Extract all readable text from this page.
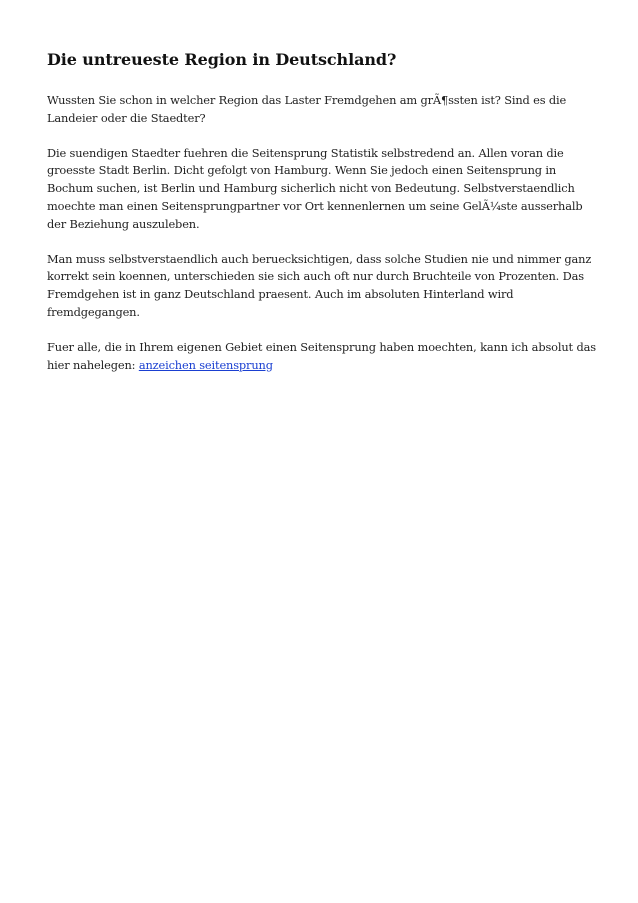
Die untreueste Region in Deutschland?

Wussten Sie schon in welcher Region das Laster Fremdgehen am grÃ¶ssten ist? Sind es die Landeier oder die Staedter?

Die suendigen Staedter fuehren die Seitensprung Statistik selbstredend an. Allen voran die groesste Stadt Berlin. Dicht gefolgt von Hamburg. Wenn Sie jedoch einen Seitensprung in Bochum suchen, ist Berlin und Hamburg sicherlich nicht von Bedeutung. Selbstverstaendlich moechte man einen Seitensprungpartner vor Ort kennenlernen um seine GelÃ¼ste ausserhalb der Beziehung auszuleben.

Man muss selbstverstaendlich auch beruecksichtigen, dass solche Studien nie und nimmer ganz korrekt sein koennen, unterschieden sie sich auch oft nur durch Bruchteile von Prozenten. Das Fremdgehen ist in ganz Deutschland praesent. Auch im absoluten Hinterland wird fremdgegangen.

Fuer alle, die in Ihrem eigenen Gebiet einen Seitensprung haben moechten, kann ich absolut das hier nahelegen: anzeichen seitensprung
